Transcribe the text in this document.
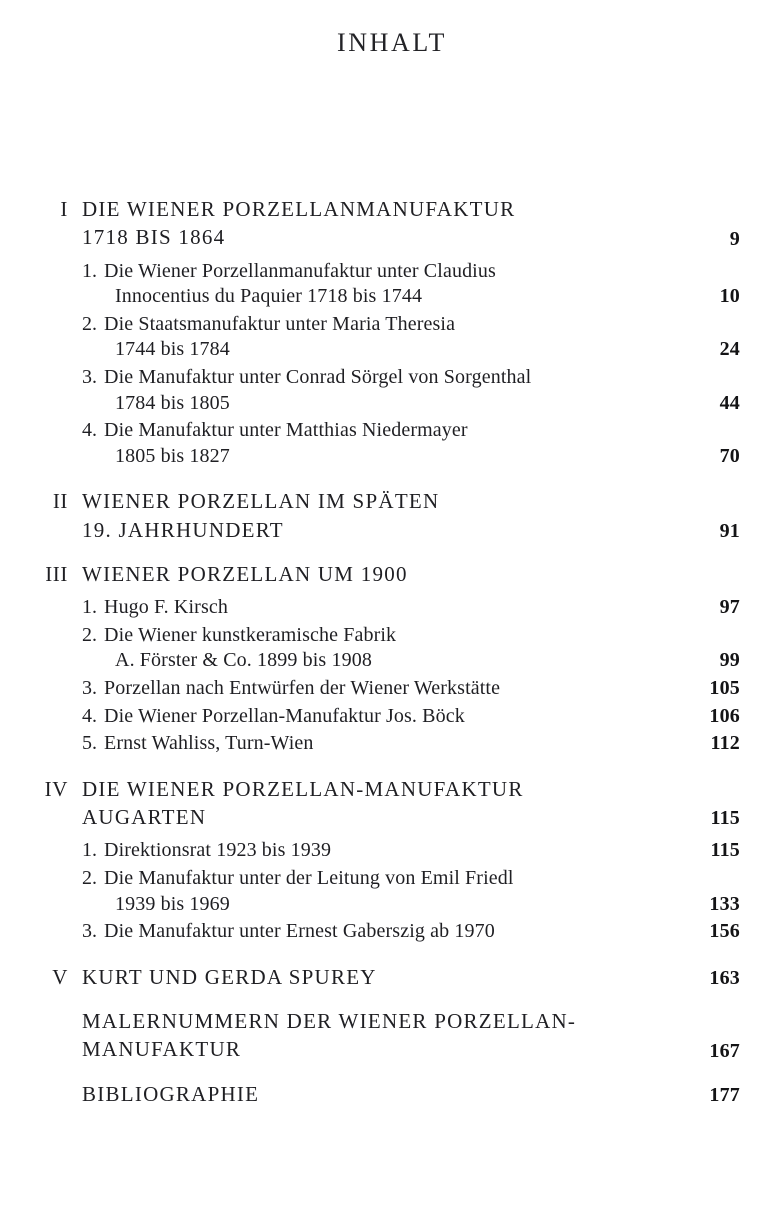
INHALT
I DIE WIENER PORZELLANMANUFAKTUR
1718 BIS 1864	9
1. Die Wiener Porzellanmanufaktur unter Claudius
Innocentius du Paquier 1718 bis 1744	10
2. Die Staatsmanufaktur unter Maria Theresia
1744 bis 1784	24
3. Die Manufaktur unter Conrad Sörgel von Sorgenthal
1784 bis 1805	44
4. Die Manufaktur unter Matthias Niedermayer
1805 bis 1827	70
II WIENER PORZELLAN IM SPÄTEN
19. JAHRHUNDERT	91
III WIENER PORZELLAN UM 1900
1. Hugo F. Kirsch	97
2. Die Wiener kunstkeramische Fabrik
A. Förster & Co. 1899 bis 1908	99
3. Porzellan nach Entwürfen der Wiener Werkstätte	105
4. Die Wiener Porzellan-Manufaktur Jos. Böck	106
5. Ernst Wahliss, Turn-Wien	112
IV DIE WIENER PORZELLAN-MANUFAKTUR
AUGARTEN	115
1. Direktionsrat 1923 bis 1939	115
2. Die Manufaktur unter der Leitung von Emil Friedl
1939 bis 1969	133
3. Die Manufaktur unter Ernest Gaberszig ab 1970	156
V KURT UND GERDA SPUREY	163
MALERNUMMERN DER WIENER PORZELLAN-
MANUFAKTUR	167
BIBLIOGRAPHIE	177
